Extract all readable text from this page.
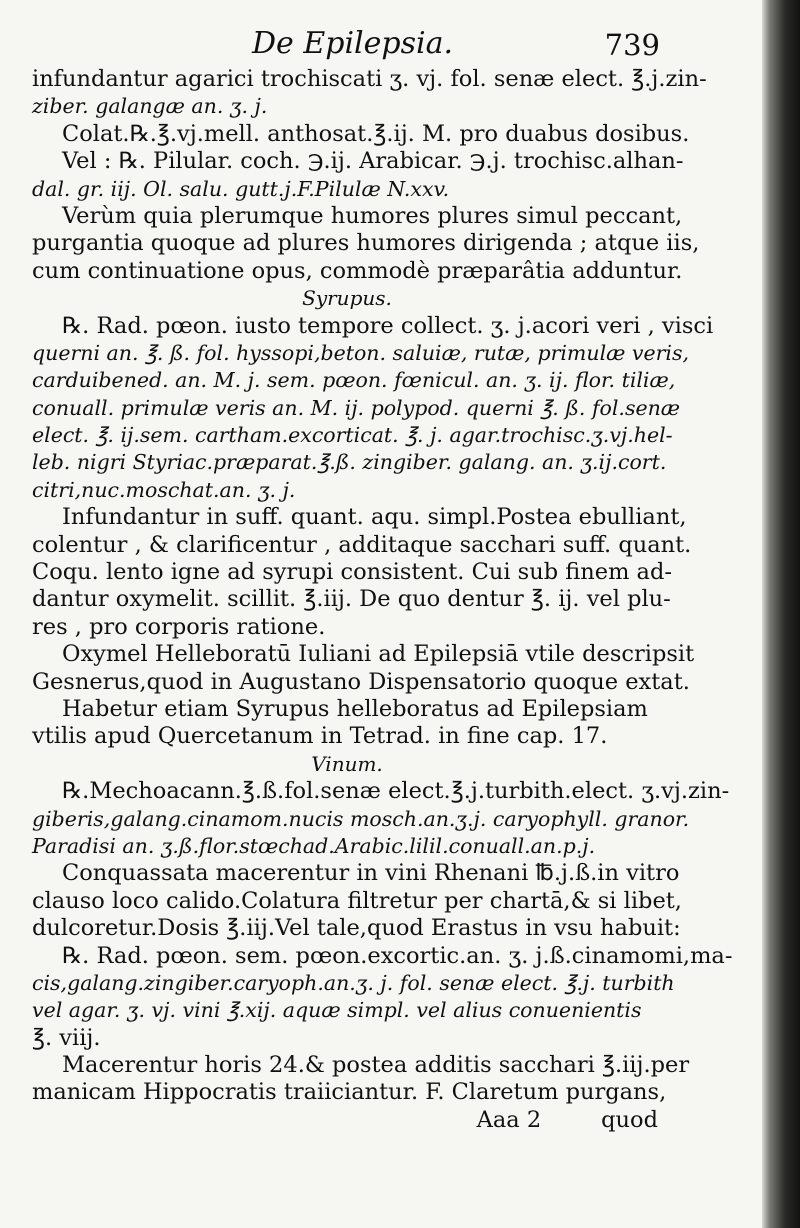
De Epilepsia.	739
infundantur agarici trochiscati ʒ. vj. fol. senæ elect. ℥.j.zin-
ziber. galangæ an. ʒ. j.
Colat.℞.℥.vj.mell. anthosat.℥.ij. M. pro duabus dosibus.
Vel : ℞. Pilular. coch. ℈.ij. Arabicar. ℈.j. trochisc.alhan-
dal. gr. iij. Ol. salu. gutt.j.F.Pilulæ N.xxv.
Verùm quia plerumque humores plures simul peccant,
purgantia quoque ad plures humores dirigenda ; atque iis,
cum continuatione opus, commodè præparâtia adduntur.
Syrupus.
℞. Rad. pœon. iusto tempore collect. ʒ. j.acori veri , visci
querni an. ℥. ß. fol. hyssopi,beton. saluiæ, rutæ, primulæ veris,
carduibened. an. M. j. sem. pœon. fœnicul. an. ʒ. ij. flor. tiliæ,
conuall. primulæ veris an. M. ij. polypod. querni ℥. ß. fol.senæ
elect. ℥. ij.sem. cartham.excorticat. ℥. j. agar.trochisc.ʒ.vj.hel-
leb. nigri Styriac.præparat.℥.ß. zingiber. galang. an. ʒ.ij.cort.
citri,nuc.moschat.an. ʒ. j.
Infundantur in suff. quant. aqu. simpl.Postea ebulliant,
colentur , & clarificentur , additaque sacchari suff. quant.
Coqu. lento igne ad syrupi consistent. Cui sub finem ad-
dantur oxymelit. scillit. ℥.iij. De quo dentur ℥. ij. vel plu-
res , pro corporis ratione.
Oxymel Helleboratū Iuliani ad Epilepsiā vtile descripsit
Gesnerus,quod in Augustano Dispensatorio quoque extat.
Habetur etiam Syrupus helleboratus ad Epilepsiam
vtilis apud Quercetanum in Tetrad. in fine cap. 17.
Vinum.
℞.Mechoacann.℥.ß.fol.senæ elect.℥.j.turbith.elect. ʒ.vj.zin-
giberis,galang.cinamom.nucis mosch.an.ʒ.j. caryophyll. granor.
Paradisi an. ʒ.ß.flor.stœchad.Arabic.lilil.conuall.an.p.j.
Conquassata macerentur in vini Rhenani ℔.j.ß.in vitro
clauso loco calido.Colatura filtretur per chartā,& si libet,
dulcoretur.Dosis ℥.iij.Vel tale,quod Erastus in vsu habuit:
℞. Rad. pœon. sem. pœon.excortic.an. ʒ. j.ß.cinamomi,ma-
cis,galang.zingiber.caryoph.an.ʒ. j. fol. senæ elect. ℥.j. turbith
vel agar. ʒ. vj. vini ℥.xij. aquæ simpl. vel alius conuenientis
℥. viij.
Macerentur horis 24.& postea additis sacchari ℥.iij.per
manicam Hippocratis traiiciantur. F. Claretum purgans,
Aaa 2	quod
